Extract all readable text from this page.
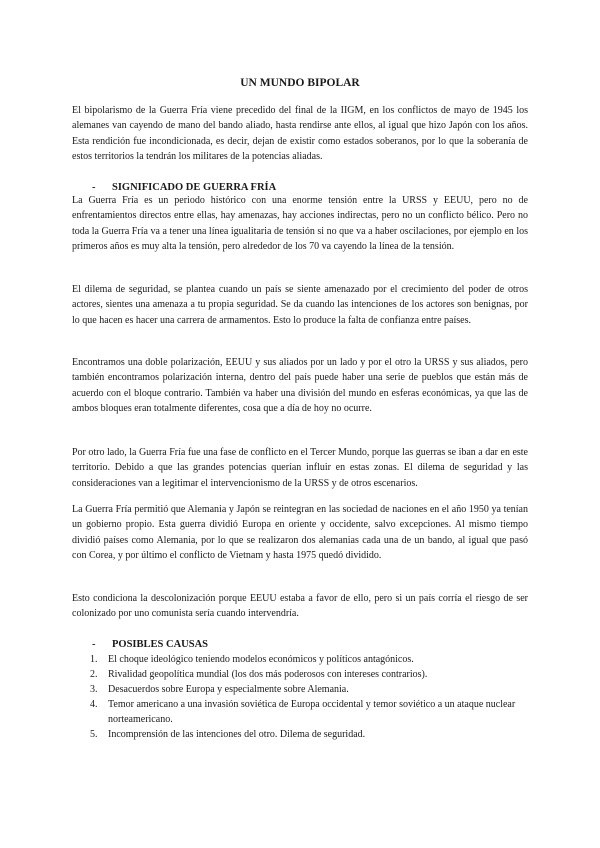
UN MUNDO BIPOLAR

El bipolarismo de la Guerra Fría viene precedido del final de la IIGM, en los conflictos de mayo de 1945 los alemanes van cayendo de mano del bando aliado, hasta rendirse ante ellos, al igual que hizo Japón con los años. Esta rendición fue incondicionada, es decir, dejan de existir como estados soberanos, por lo que la soberanía de estos territorios la tendrán los militares de la potencias aliadas.

- SIGNIFICADO DE GUERRA FRÍA

La Guerra Fría es un periodo histórico con una enorme tensión entre la URSS y EEUU, pero no de enfrentamientos directos entre ellas, hay amenazas, hay acciones indirectas, pero no un conflicto bélico. Pero no toda la Guerra Fría va a tener una línea igualitaria de tensión si no que va a haber oscilaciones, por ejemplo en los primeros años es muy alta la tensión, pero alrededor de los 70 va cayendo la línea de la tensión.

El dilema de seguridad, se plantea cuando un país se siente amenazado por el crecimiento del poder de otros actores, sientes una amenaza a tu propia seguridad. Se da cuando las intenciones de los actores son benignas, por lo que hacen es hacer una carrera de armamentos. Esto lo produce la falta de confianza entre países.

Encontramos una doble polarización, EEUU y sus aliados por un lado y por el otro la URSS y sus aliados, pero también encontramos polarización interna, dentro del país puede haber una serie de pueblos que están más de acuerdo con el bloque contrario. También va haber una división del mundo en esferas económicas, ya que las de ambos bloques eran totalmente diferentes, cosa que a día de hoy no ocurre.

Por otro lado, la Guerra Fría fue una fase de conflicto en el Tercer Mundo, porque las guerras se iban a dar en este territorio. Debido a que las grandes potencias querían influir en estas zonas. El dilema de seguridad y las consideraciones van a legitimar el intervencionismo de la URSS y de otros escenarios.

La Guerra Fría permitió que Alemania y Japón se reintegran en las sociedad de naciones en el año 1950 ya tenían un gobierno propio. Esta guerra dividió Europa en oriente y occidente, salvo excepciones. Al mismo tiempo dividió países como Alemania, por lo que se realizaron dos alemanias cada una de un bando, al igual que pasó con Corea, y por último el conflicto de Vietnam y hasta 1975 quedó dividido.

Esto condiciona la descolonización porque EEUU estaba a favor de ello, pero si un país corría el riesgo de ser colonizado por uno comunista sería cuando intervendría.

- POSIBLES CAUSAS
1. El choque ideológico teniendo modelos económicos y políticos antagónicos.
2. Rivalidad geopolítica mundial (los dos más poderosos con intereses contrarios).
3. Desacuerdos sobre Europa y especialmente sobre Alemania.
4. Temor americano a una invasión soviética de Europa occidental y temor soviético a un ataque nuclear norteamericano.
5. Incomprensión de las intenciones del otro. Dilema de seguridad.
